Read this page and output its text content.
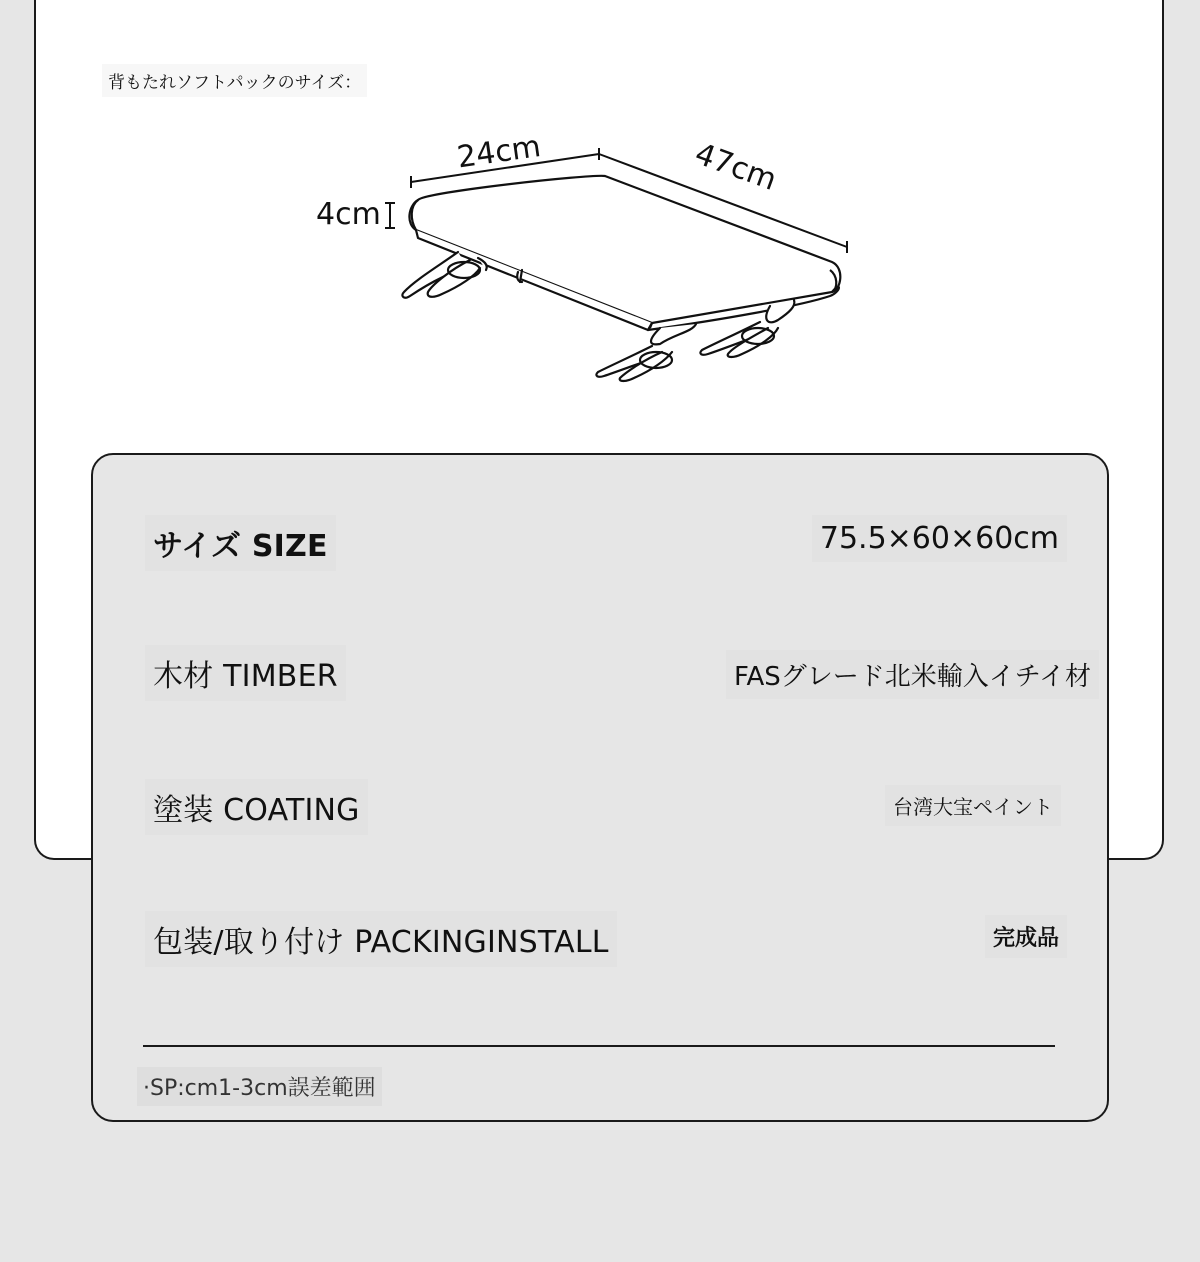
背もたれソフトパックのサイズ：
24cm	47cm
4cm
サイズ SIZE	75.5×60×60cm
木材 TIMBER	FASグレード北米輸入イチイ材
塗装 COATING	台湾大宝ペイント
包装/取り付け PACKINGINSTALL	完成品
·SP:cm1-3cm誤差範囲
